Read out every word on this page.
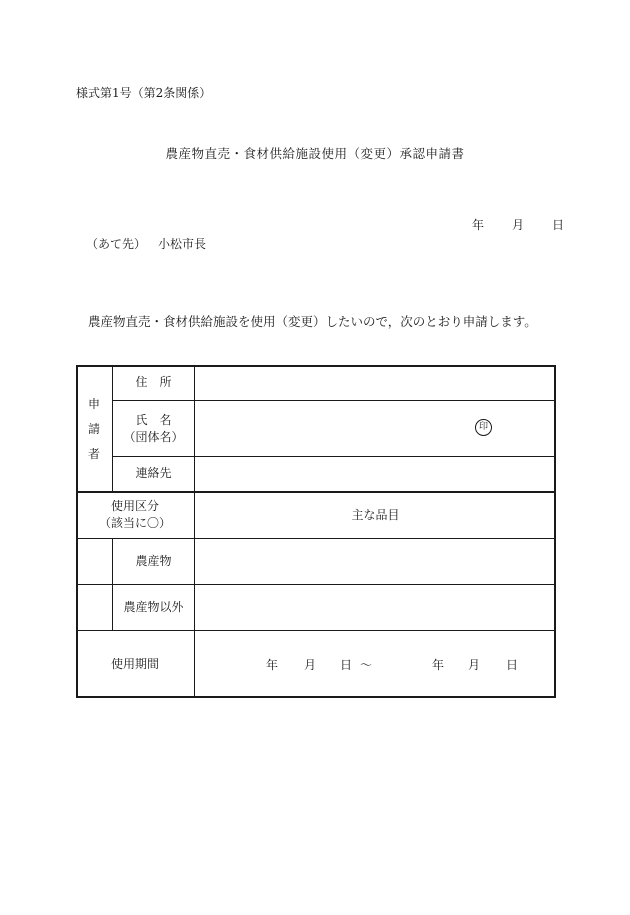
様式第1号（第2条関係）
農産物直売・食材供給施設使用（変更）承認申請書
年 月 日
（あて先） 小松市長
農産物直売・食材供給施設を使用（変更）したいので，次のとおり申請します。
申
請
者
住　所
氏　名
（団体名）
印
連絡先
使用区分
（該当に〇）
主な品目
農産物
農産物以外
使用期間	年 月 日 ～	年 月 日
